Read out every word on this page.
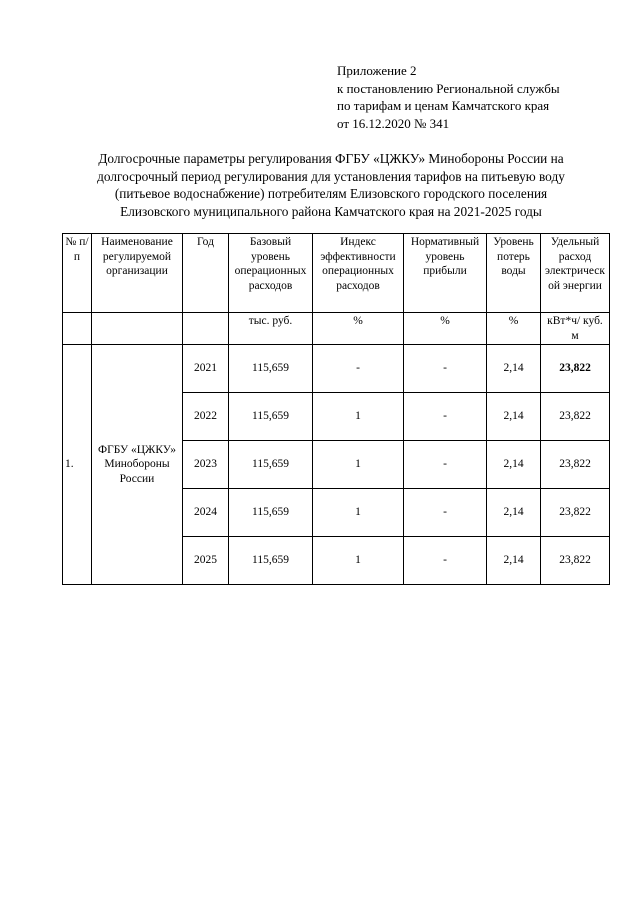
Приложение 2
к постановлению Региональной службы
по тарифам и ценам Камчатского края
от 16.12.2020 № 341
Долгосрочные параметры регулирования ФГБУ «ЦЖКУ» Минобороны России на
долгосрочный период регулирования для установления тарифов на питьевую воду
(питьевое водоснабжение) потребителям Елизовского городского поселения
Елизовского муниципального района Камчатского края на 2021-2025 годы
№ п/п	Наименование регулируемой организации	Год	Базовый уровень операционных расходов	Индекс эффективности операционных расходов	Нормативный уровень прибыли	Уровень потерь воды	Удельный расход электрическ ой энергии
			тыс. руб.	%	%	%	кВт*ч/ куб. м
1.	ФГБУ «ЦЖКУ» Минобороны России	2021	115,659	-	-	2,14	23,822
		2022	115,659	1	-	2,14	23,822
		2023	115,659	1	-	2,14	23,822
		2024	115,659	1	-	2,14	23,822
		2025	115,659	1	-	2,14	23,822
